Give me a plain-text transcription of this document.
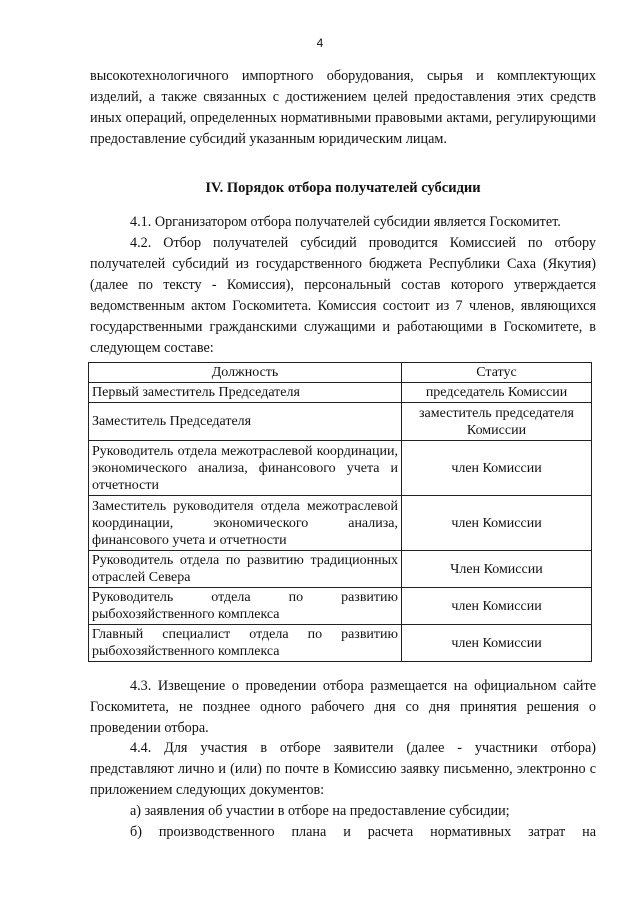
4
высокотехнологичного импортного оборудования, сырья и комплектующих изделий, а также связанных с достижением целей предоставления этих средств иных операций, определенных нормативными правовыми актами, регулирующими предоставление субсидий указанным юридическим лицам.
IV. Порядок отбора получателей субсидии
4.1. Организатором отбора получателей субсидии является Госкомитет.
4.2. Отбор получателей субсидий проводится Комиссией по отбору получателей субсидий из государственного бюджета Республики Саха (Якутия) (далее по тексту - Комиссия), персональный состав которого утверждается ведомственным актом Госкомитета. Комиссия состоит из 7 членов, являющихся государственными гражданскими служащими и работающими в Госкомитете, в следующем составе:
Должность	Статус
Первый заместитель Председателя	председатель Комиссии
Заместитель Председателя	заместитель председателя Комиссии
Руководитель отдела межотраслевой координации, экономического анализа, финансового учета и отчетности	член Комиссии
Заместитель руководителя отдела межотраслевой координации, экономического анализа, финансового учета и отчетности	член Комиссии
Руководитель отдела по развитию традиционных отраслей Севера	Член Комиссии
Руководитель отдела по развитию рыбохозяйственного комплекса	член Комиссии
Главный специалист отдела по развитию рыбохозяйственного комплекса	член Комиссии
4.3. Извещение о проведении отбора размещается на официальном сайте Госкомитета, не позднее одного рабочего дня со дня принятия решения о проведении отбора.
4.4. Для участия в отборе заявители (далее - участники отбора) представляют лично и (или) по почте в Комиссию заявку письменно, электронно с приложением следующих документов:
а) заявления об участии в отборе на предоставление субсидии;
б) производственного плана и расчета нормативных затрат на
